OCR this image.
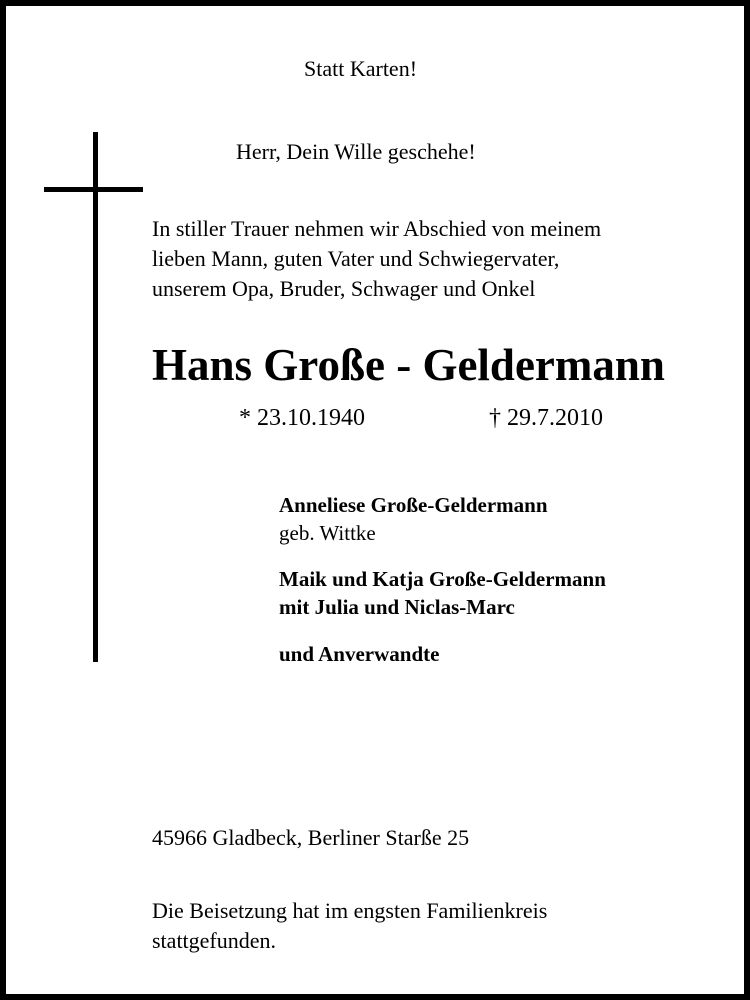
Statt Karten!

Herr, Dein Wille geschehe!

In stiller Trauer nehmen wir Abschied von meinem
lieben Mann, guten Vater und Schwiegervater,
unserem Opa, Bruder, Schwager und Onkel
Hans Große - Geldermann

* 23.10.1940	† 29.7.2010

Anneliese Große-Geldermann

geb. Wittke

Maik und Katja Große-Geldermann

mit Julia und Niclas-Marc

und Anverwandte

45966 Gladbeck, Berliner Starße 25

Die Beisetzung hat im engsten Familienkreis

stattgefunden.
